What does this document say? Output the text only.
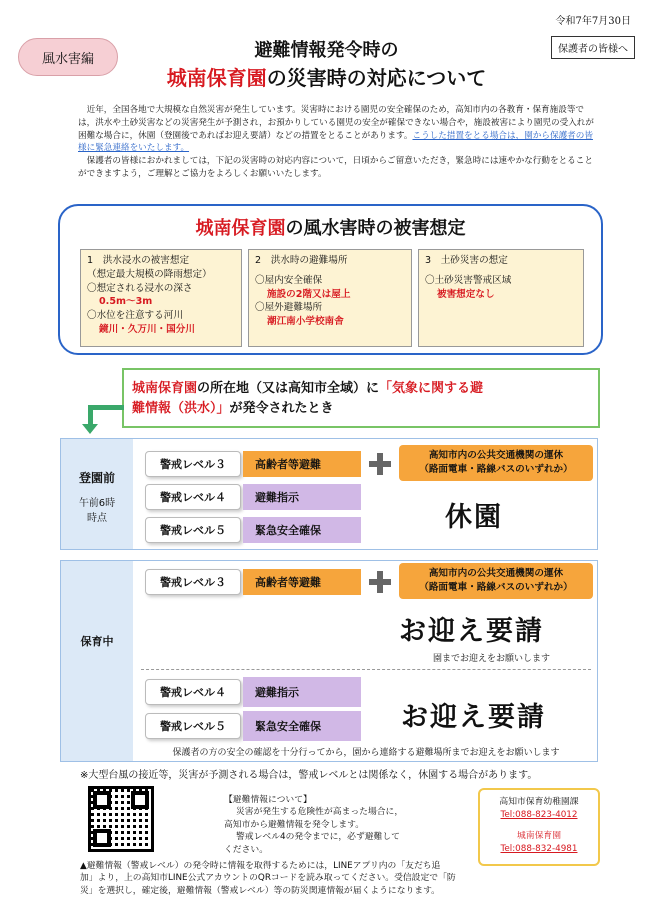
令和7年7月30日
風水害編
保護者の皆様へ
避難情報発令時の
城南保育園の災害時の対応について

近年，全国各地で大規模な自然災害が発生しています。災害時における園児の安全確保のため，高知市内の各教育・保育施設等では，洪水や土砂災害などの災害発生が予測され，お預かりしている園児の安全が確保できない場合や，施設被害により園児の受入れが困難な場合に，休園（登園後であればお迎え要請）などの措置をとることがあります。こうした措置をとる場合は，園から保護者の皆様に緊急連絡をいたします。

保護者の皆様におかれましては，下記の災害時の対応内容について，日頃からご留意いただき，緊急時には速やかな行動をとることができますよう，ご理解とご協力をよろしくお願いいたします。

城南保育園の風水害時の被害想定
1　洪水浸水の被害想定
（想定最大規模の降雨想定）
〇想定される浸水の深さ
0.5m～3m
〇水位を注意する河川
鏡川・久万川・国分川
2　洪水時の避難場所
〇屋内安全確保
施設の2階又は屋上
〇屋外避難場所
潮江南小学校南舎
3　土砂災害の想定
〇土砂災害警戒区域
被害想定なし
城南保育園の所在地（又は高知市全域）に「気象に関する避
難情報（洪水）」が発令されたとき
登園前
午前6時
時点
警戒レベル３	高齢者等避難
高知市内の公共交通機関の運休
（路面電車・路線バスのいずれか）
警戒レベル４	避難指示
警戒レベル５	緊急安全確保	休園
保育中
警戒レベル３	高齢者等避難
高知市内の公共交通機関の運休
（路面電車・路線バスのいずれか）
お迎え要請
園までお迎えをお願いします
警戒レベル４	避難指示
警戒レベル５	緊急安全確保	お迎え要請
保護者の方の安全の確認を十分行ってから，園から連絡する避難場所までお迎えをお願いします
※大型台風の接近等，災害が予測される場合は，警戒レベルとは関係なく，休園する場合があります。
【避難情報について】
災害が発生する危険性が高まった場合に，
高知市から避難情報を発令します。
警戒レベル4の発令までに，必ず避難して
ください。
高知市保育幼稚園課
Tel:088-823-4012
城南保育園
Tel:088-832-4981
▲避難情報（警戒レベル）の発令時に情報を取得するためには，LINEアプリ内の「友だち追
加」より，上の高知市LINE公式アカウントのQRコードを読み取ってください。受信設定で「防
災」を選択し，確定後，避難情報（警戒レベル）等の防災関連情報が届くようになります。
